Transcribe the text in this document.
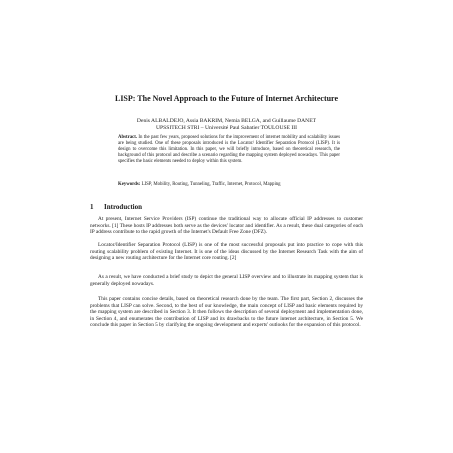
LISP: The Novel Approach to the Future of Internet Architecture
Denis ALBALDEJO, Assia BAKRIM, Nemia BELGA, and Guillaume DANET
UPSSITECH STRI – Université Paul Sabatier TOULOUSE III
Abstract. In the past few years, proposed solutions for the improvement of internet mobility and scalability issues are being studied. One of these proposals introduced is the Locator/ Identifier Separation Protocol (LISP). It is design to overcome this limitation. In this paper, we will briefly introduce, based on theoretical research, the background of this protocol and describe a scenario regarding the mapping system deployed nowadays. This paper specifies the basic elements needed to deploy within this system.
Keywords: LISP, Mobility, Routing, Tunneling, Traffic, Internet, Protocol, Mapping
1 Introduction

At present, Internet Service Providers (ISP) continue the traditional way to allocate official IP addresses to customer networks. [1] These hosts IP addresses both serve as the devices' locator and identifier. As a result, these dual categories of each IP address contribute to the rapid growth of the Internet's Default Free Zone (DFZ).

Locator/Identifier Separation Protocol (LISP) is one of the most successful proposals put into practice to cope with this routing scalability problem of existing Internet. It is one of the ideas discussed by the Internet Research Task with the aim of designing a new routing architecture for the Internet core routing. [2]

As a result, we have conducted a brief study to depict the general LISP overview and to illustrate its mapping system that is generally deployed nowadays.

This paper contains concise details, based on theoretical research done by the team. The first part, Section 2, discusses the problems that LISP can solve. Second, to the best of our knowledge, the main concept of LISP and basic elements required by the mapping system are described in Section 3. It then follows the description of several deployment and implementation done, in Section 4, and enumerates the contribution of LISP and its drawbacks to the future internet architecture, in Section 5. We conclude this paper in Section 5 by clarifying the ongoing development and experts' outlooks for the expansion of this protocol.
